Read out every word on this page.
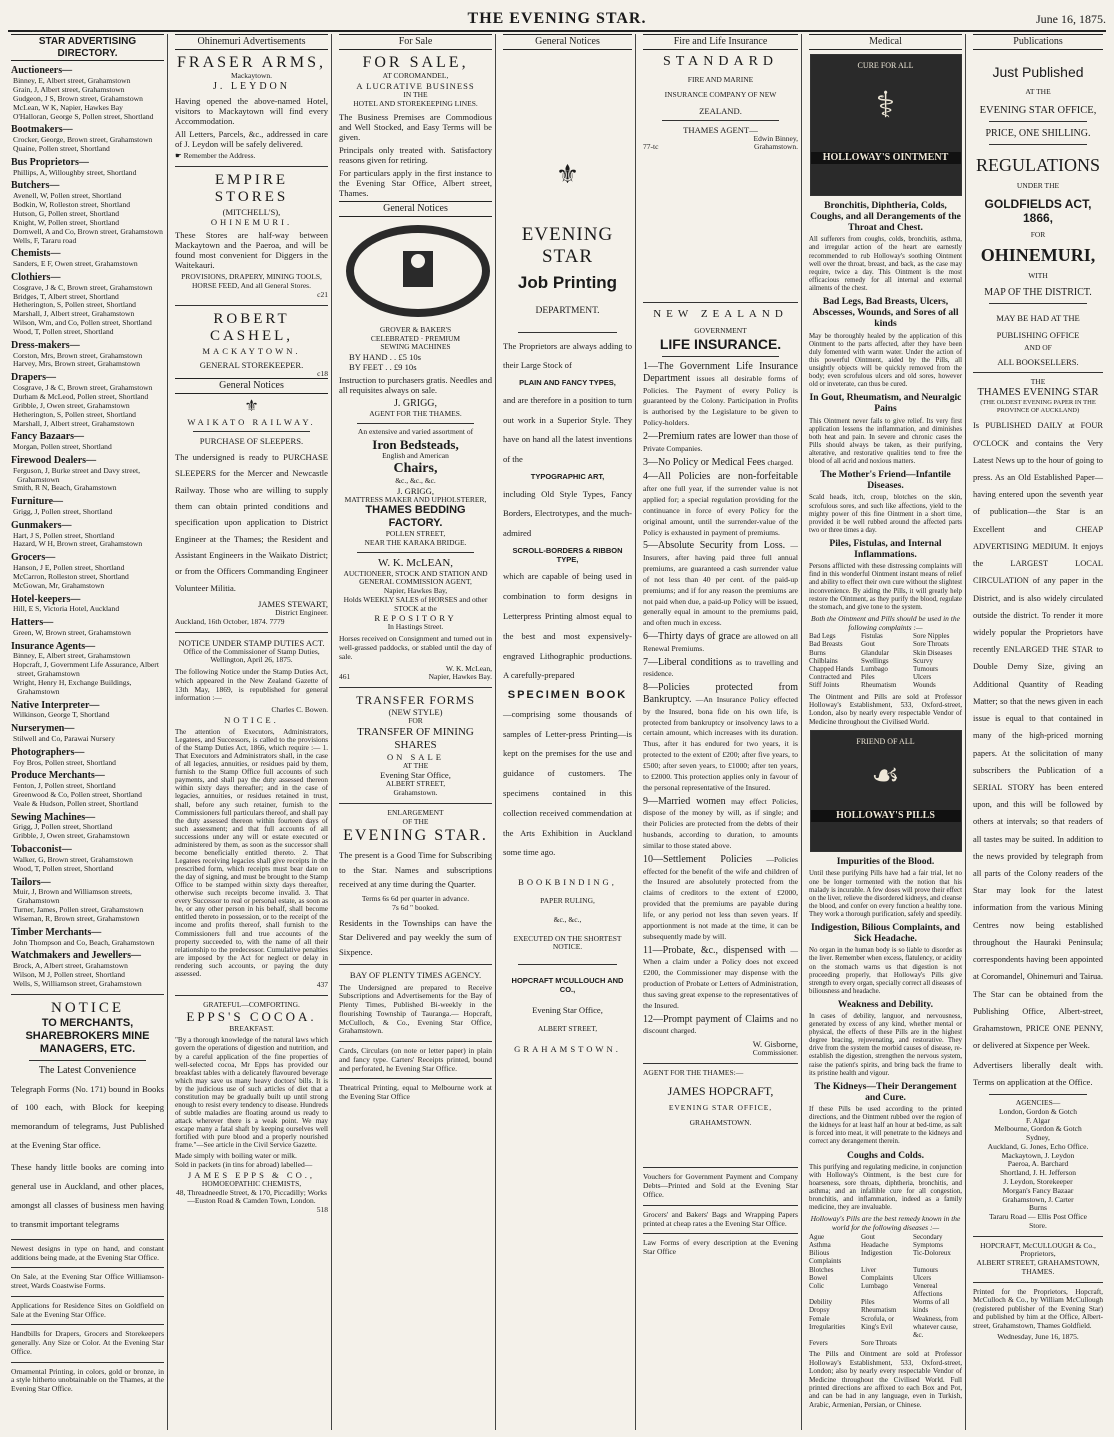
THE EVENING STAR.	June 16, 1875.
STAR ADVERTISING DIRECTORY.
Auctioneers—
Binney, E, Albert street, Grahamstown
Grain, J, Albert street, Grahamstown
Gudgeon, J S, Brown street, Grahamstown
McLean, W K, Napier, Hawkes Bay
O'Halloran, George S, Pollen street, Shortland
Bootmakers—
Crocker, George, Brown street, Grahamstown
Quaine, Pollen street, Shortland
Bus Proprietors—
Phillips, A, Willoughby street, Shortland
Butchers—
Avenell, W, Pollen street, Shortland
Bodkin, W, Rolleston street, Shortland
Hutson, G, Pollen street, Shortland
Knight, W, Pollen street, Shortland
Dornwell, A and Co, Brown street, Grahamstown
Wells, F, Tararu road
Chemists—
Sanders, E F, Owen street, Grahamstown
Clothiers—
Cosgrave, J & C, Brown street, Grahamstown
Bridges, T, Albert street, Shortland
Hetherington, S, Pollen street, Shortland
Marshall, J, Albert street, Grahamstown
Wilson, Wm, and Co, Pollen street, Shortland
Wood, T, Pollen street, Shortland
Dress-makers—
Corston, Mrs, Brown street, Grahamstown
Harvey, Mrs, Brown street, Grahamstown
Drapers—
Cosgrave, J & C, Brown street, Grahamstown
Durham & McLeod, Pollen street, Shortland
Gribble, J, Owen street, Grahamstown
Hetherington, S, Pollen street, Shortland
Marshall, J, Albert street, Grahamstown
Fancy Bazaars—
Morgan, Pollen street, Shortland
Firewood Dealers—
Ferguson, J, Burke street and Davy street, Grahamstown
Smith, R N, Beach, Grahamstown
Furniture—
Grigg, J, Pollen street, Shortland
Gunmakers—
Hart, J S, Pollen street, Shortland
Hazard, W H, Brown street, Grahamstown
Grocers—
Hanson, J E, Pollen street, Shortland
McCarron, Rolleston street, Shortland
McGowan, Mr, Grahamstown
Hotel-keepers—
Hill, E S, Victoria Hotel, Auckland
Hatters—
Green, W, Brown street, Grahamstown
Insurance Agents—
Binney, E, Albert street, Grahamstown
Hopcraft, J, Government Life Assurance, Albert street, Grahamstown
Wright, Henry H, Exchange Buildings, Grahamstown
Native Interpreter—
Wilkinson, George T, Shortland
Nurserymen—
Stilwell and Co, Parawai Nursery
Photographers—
Foy Bros, Pollen street, Shortland
Produce Merchants—
Fenton, J, Pollen street, Shortland
Greenwood & Co, Pollen street, Shortland
Veale & Hudson, Pollen street, Shortland
Sewing Machines—
Grigg, J, Pollen street, Shortland
Gribble, J, Owen street, Grahamstown
Tobacconist—
Walker, G, Brown street, Grahamstown
Wood, T, Pollen street, Shortland
Tailors—
Muir, J, Brown and Williamson streets, Grahamstown
Turner, James, Pollen street, Grahamstown
Wiseman, R, Brown street, Grahamstown
Timber Merchants—
John Thompson and Co, Beach, Grahamstown
Watchmakers and Jewellers—
Brock, A, Albert street, Grahamstown
Wilson, M J, Pollen street, Shortland
Wells, S, Williamson street, Grahamstown
NOTICE
TO MERCHANTS, SHAREBROKERS MINE MANAGERS, ETC.
The Latest Convenience
Telegraph Forms (No. 171) bound in Books of 100 each, with Block for keeping memorandum of telegrams, Just Published at the Evening Star office.
These handy little books are coming into general use in Auckland, and other places, amongst all classes of business men having to transmit important telegrams
Newest designs in type on hand, and constant additions being made, at the Evening Star Office.
On Sale, at the Evening Star Office Williamson-street, Wards Coastwise Forms.
Applications for Residence Sites on Goldfield on Sale at the Evening Star Office.
Handbills for Drapers, Grocers and Storekeepers generally. Any Size or Color. At the Evening Star Office.
Ornamental Printing, in colors, gold or bronze, in a style hitherto unobtainable on the Thames, at the Evening Star Office.
Ohinemuri Advertisements
FRASER ARMS,
Mackaytown.
J. LEYDON
Having opened the above-named Hotel, visitors to Mackaytown will find every Accommodation.
All Letters, Parcels, &c., addressed in care of J. Leydon will be safely delivered.
☛ Remember the Address.
EMPIRE STORES
(MITCHELL'S),
OHINEMURI.
These Stores are half-way between Mackaytown and the Paeroa, and will be found most convenient for Diggers in the Waitekauri.
PROVISIONS, DRAPERY, MINING TOOLS, HORSE FEED, And all General Stores.
c21
ROBERT CASHEL,
MACKAYTOWN.
GENERAL STOREKEEPER.
c18
General Notices
⚜
WAIKATO RAILWAY.
PURCHASE OF SLEEPERS.
The undersigned is ready to PURCHASE SLEEPERS for the Mercer and Newcastle Railway. Those who are willing to supply them can obtain printed conditions and specification upon application to District Engineer at the Thames; the Resident and Assistant Engineers in the Waikato District; or from the Officers Commanding Engineer Volunteer Militia.
JAMES STEWART,
District Engineer.
Auckland, 16th October, 1874. 7779
NOTICE UNDER STAMP DUTIES ACT.
Office of the Commissioner of Stamp Duties, Wellington, April 26, 1875.
The following Notice under the Stamp Duties Act, which appeared in the New Zealand Gazette of 13th May, 1869, is republished for general information :—
Charles C. Bowen.
NOTICE.
The attention of Executors, Administrators, Legatees, and Successors, is called to the provisions of the Stamp Duties Act, 1866, which require :— 1. That Executors and Administrators shall, in the case of all legacies, annuities, or residues paid by them, furnish to the Stamp Office full accounts of such payments, and shall pay the duty assessed thereon within sixty days thereafter; and in the case of legacies, annuities, or residues retained in trust, shall, before any such retainer, furnish to the Commissioners full particulars thereof, and shall pay the duty assessed thereon within fourteen days of such assessment; and that full accounts of all successions under any will or estate executed or administered by them, as soon as the successor shall become beneficially entitled thereto. 2. That Legatees receiving legacies shall give receipts in the prescribed form, which receipts must bear date on the day of signing, and must be brought to the Stamp Office to be stamped within sixty days thereafter, otherwise such receipts become invalid. 3. That every Successor to real or personal estate, as soon as he, or any other person in his behalf, shall become entitled thereto in possession, or to the receipt of the income and profits thereof, shall furnish to the Commissioners full and true accounts of the property succeeded to, with the name of all their relationship to the predecessor. Cumulative penalties are imposed by the Act for neglect or delay in rendering such accounts, or paying the duty assessed.
437
GRATEFUL—COMFORTING.
EPPS'S COCOA.
BREAKFAST.
"By a thorough knowledge of the natural laws which govern the operations of digestion and nutrition, and by a careful application of the fine properties of well-selected cocoa, Mr Epps has provided our breakfast tables with a delicately flavoured beverage which may save us many heavy doctors' bills. It is by the judicious use of such articles of diet that a constitution may be gradually built up until strong enough to resist every tendency to disease. Hundreds of subtle maladies are floating around us ready to attack wherever there is a weak point. We may escape many a fatal shaft by keeping ourselves well fortified with pure blood and a properly nourished frame."—See article in the Civil Service Gazette.
Made simply with boiling water or milk.
Sold in packets (in tins for abroad) labelled—
JAMES EPPS & CO.,
HOMOEOPATHIC CHEMISTS,
48, Threadneedle Street, & 170, Piccadilly; Works—Euston Road & Camden Town, London.
518
For Sale
FOR SALE,
AT COROMANDEL,
A LUCRATIVE BUSINESS
IN THE
HOTEL AND STOREKEEPING LINES.
The Business Premises are Commodious and Well Stocked, and Easy Terms will be given.
Principals only treated with. Satisfactory reasons given for retiring.
For particulars apply in the first instance to the Evening Star Office, Albert street, Thames.
General Notices
GROVER & BAKER'S
CELEBRATED · PREMIUM
SEWING MACHINES
BY HAND . . £5 10s
BY FEET . . £9 10s
Instruction to purchasers gratis. Needles and all requisites always on sale.
J. GRIGG,
AGENT FOR THE THAMES.
An extensive and varied assortment of
Iron Bedsteads,
English and American
Chairs,
&c., &c., &c.
J. GRIGG,
MATTRESS MAKER AND UPHOLSTERER,
THAMES BEDDING FACTORY.
POLLEN STREET,
NEAR THE KARAKA BRIDGE.
W. K. McLEAN,
AUCTIONEER, STOCK AND STATION AND
GENERAL COMMISSION AGENT,
Napier, Hawkes Bay,
Holds WEEKLY SALES of HORSES and other STOCK at the
REPOSITORY
In Hastings Street.
Horses received on Consignment and turned out in well-grassed paddocks, or stabled until the day of sale.
W. K. McLean,
461	Napier, Hawkes Bay.
TRANSFER FORMS
(NEW STYLE)
FOR
TRANSFER OF MINING
SHARES
ON SALE
AT THE
Evening Star Office,
ALBERT STREET,
Grahamstown.
ENLARGEMENT
OF THE
EVENING STAR.
The present is a Good Time for Subscribing to the Star. Names and subscriptions received at any time during the Quarter.
Terms 6s 6d per quarter in advance.
7s 6d " booked.
Residents in the Townships can have the Star Delivered and pay weekly the sum of Sixpence.
BAY OF PLENTY TIMES AGENCY.
The Undersigned are prepared to Receive Subscriptions and Advertisements for the Bay of Plenty Times, Published Bi-weekly in the flourishing Township of Tauranga.— Hopcraft, McCulloch, & Co., Evening Star Office, Grahamstown.
Cards, Circulars (on note or letter paper) in plain and fancy type. Carters' Receipts printed, bound and perforated, he Evening Star Office.
Theatrical Printing, equal to Melbourne work at the Evening Star Office
General Notices
⚜
EVENING STAR
Job Printing
DEPARTMENT.
The Proprietors are always adding to their Large Stock of
PLAIN AND FANCY TYPES,
and are therefore in a position to turn out work in a Superior Style. They have on hand all the latest inventions of the
TYPOGRAPHIC ART,
including Old Style Types, Fancy Borders, Electrotypes, and the much-admired
SCROLL-BORDERS & RIBBON TYPE,
which are capable of being used in combination to form designs in Letterpress Printing almost equal to the best and most expensively-engraved Lithographic productions. A carefully-prepared
SPECIMEN BOOK
—comprising some thousands of samples of Letter-press Printing—is kept on the premises for the use and guidance of customers. The specimens contained in this collection received commendation at the Arts Exhibition in Auckland some time ago.
BOOKBINDING,
PAPER RULING,
&c., &c.,
EXECUTED ON THE SHORTEST NOTICE.
HOPCRAFT M'CULLOUCH AND CO.,
Evening Star Office,
ALBERT STREET,
GRAHAMSTOWN.
Fire and Life Insurance
STANDARD
FIRE AND MARINE
INSURANCE COMPANY OF NEW
ZEALAND.
THAMES AGENT—
Edwin Binney,
77-tc	Grahamstown.
NEW ZEALAND
GOVERNMENT
LIFE INSURANCE.
1—The Government Life Insurance Department issues all desirable forms of Policies. The Payment of every Policy is guaranteed by the Colony. Participation in Profits is authorised by the Legislature to be given to Policy-holders.
2—Premium rates are lower than those of Private Companies.
3—No Policy or Medical Fees charged.
4—All Policies are non-forfeitable after one full year, if the surrender value is not applied for; a special regulation providing for the continuance in force of every Policy for the original amount, until the surrender-value of the Policy is exhausted in payment of premiums.
5—Absolute Security from Loss. —Insurers, after having paid three full annual premiums, are guaranteed a cash surrender value of not less than 40 per cent. of the paid-up premiums; and if for any reason the premiums are not paid when due, a paid-up Policy will be issued, generally equal in amount to the premiums paid, and often much in excess.
6—Thirty days of grace are allowed on all Renewal Premiums.
7—Liberal conditions as to travelling and residence.
8—Policies protected from Bankruptcy. —An Insurance Policy effected by the Insured, bona fide on his own life, is protected from bankruptcy or insolvency laws to a certain amount, which increases with its duration. Thus, after it has endured for two years, it is protected to the extent of £200; after five years, to £500; after seven years, to £1000; after ten years, to £2000. This protection applies only in favour of the personal representative of the Insured.
9—Married women may effect Policies, dispose of the money by will, as if single; and their Policies are protected from the debts of their husbands, according to duration, to amounts similar to those stated above.
10—Settlement Policies —Policies effected for the benefit of the wife and children of the Insured are absolutely protected from the claims of creditors to the extent of £2000, provided that the premiums are payable during life, or any period not less than seven years. If apportionment is not made at the time, it can be subsequently made by will.
11—Probate, &c., dispensed with —When a claim under a Policy does not exceed £200, the Commissioner may dispense with the production of Probate or Letters of Administration, thus saving great expense to the representatives of the Insured.
12—Prompt payment of Claims and no discount charged.
W. Gisborne,
Commissioner.
AGENT FOR THE THAMES:—
JAMES HOPCRAFT,
EVENING STAR OFFICE,
GRAHAMSTOWN.
Vouchers for Government Payment and Company Debts—Printed and Sold at the Evening Star Office.
Grocers' and Bakers' Bags and Wrapping Papers printed at cheap rates a the Evening Star Office.
Law Forms of every description at the Evening Star Office
Medical
CURE FOR ALL
⚕
HOLLOWAY'S OINTMENT
Bronchitis, Diphtheria, Colds, Coughs, and all Derangements of the Throat and Chest.
All sufferers from coughs, colds, bronchitis, asthma, and irregular action of the heart are earnestly recommended to rub Holloway's soothing Ointment well over the throat, breast, and back, as the case may require, twice a day. This Ointment is the most efficacious remedy for all internal and external ailments of the chest.
Bad Legs, Bad Breasts, Ulcers, Abscesses, Wounds, and Sores of all kinds
May be thoroughly healed by the application of this Ointment to the parts affected, after they have been duly fomented with warm water. Under the action of this powerful Ointment, aided by the Pills, all unsightly objects will be quickly removed from the body; even scrofulous ulcers and old sores, however old or inveterate, can thus be cured.
In Gout, Rheumatism, and Neuralgic Pains
This Ointment never fails to give relief. Its very first application lessens the inflammation, and diminishes both heat and pain. In severe and chronic cases the Pills should always be taken, as their purifying, alterative, and restorative qualities tend to free the blood of all acrid and noxious matters.
The Mother's Friend—Infantile Diseases.
Scald heads, itch, croup, blotches on the skin, scrofulous sores, and such like affections, yield to the mighty power of this fine Ointment in a short time, provided it be well rubbed around the affected parts two or three times a day.
Piles, Fistulas, and Internal Inflammations.
Persons afflicted with these distressing complaints will find in this wonderful Ointment instant means of relief and ability to effect their own cure without the slightest inconvenience. By aiding the Pills, it will greatly help restore the Ointment, as they purify the blood, regulate the stomach, and give tone to the system.
Both the Ointment and Pills should be used in the following complaints :—
Bad Legs	Fistulas	Sore Nipples
Bad Breasts	Gout	Sore Throats
Burns	Glandular	Skin Diseases
Chilblains	Swellings	Scurvy
Chapped Hands	Lumbago	Tumours
Contracted and	Piles	Ulcers
Stiff Joints	Rheumatism	Wounds
The Ointment and Pills are sold at Professor Holloway's Establishment, 533, Oxford-street, London, also by nearly every respectable Vendor of Medicine throughout the Civilised World.
FRIEND OF ALL
☙
HOLLOWAY'S PILLS
Impurities of the Blood.
Until these purifying Pills have had a fair trial, let no one be longer tormented with the notion that his malady is incurable. A few doses will prove their effect on the liver, relieve the disordered kidneys, and cleanse the blood, and confer on every function a healthy tone. They work a thorough purification, safely and speedily.
Indigestion, Bilious Complaints, and Sick Headache.
No organ in the human body is so liable to disorder as the liver. Remember when excess, flatulency, or acidity on the stomach warns us that digestion is not proceeding properly, that Holloway's Pills give strength to every organ, specially correct all diseases of biliousness and headache.
Weakness and Debility.
In cases of debility, languor, and nervousness, generated by excess of any kind, whether mental or physical, the effects of these Pills are in the highest degree bracing, rejuvenating, and restorative. They drive from the system the morbid causes of disease, re-establish the digestion, strengthen the nervous system, raise the patient's spirits, and bring back the frame to its pristine health and vigour.
The Kidneys—Their Derangement and Cure.
If these Pills be used according to the printed directions, and the Ointment rubbed over the region of the kidneys for at least half an hour at bed-time, as salt is forced into meat, it will penetrate to the kidneys and correct any derangement therein.
Coughs and Colds.
This purifying and regulating medicine, in conjunction with Holloway's Ointment, is the best cure for hoarseness, sore throats, diphtheria, bronchitis, and asthma; and an infallible cure for all congestion, bronchitis, and inflammation, indeed as a family medicine, they are invaluable.
Holloway's Pills are the best remedy known in the world for the following diseases :—
Ague	Gout	Secondary
Asthma	Headache	Symptoms
Bilious Complaints
Indigestion	Tic-Doloreux
Blotches	Liver	Tumours
Bowel	Complaints	Ulcers
Colic	Lumbago	Venereal Affections
Debility	Piles	Worms of all
Dropsy	Rheumatism	kinds
Female Irregularities
Scrofula, or King's Evil
Weakness, from whatever cause, &c.
Fevers	Sore Throats
The Pills and Ointment are sold at Professor Holloway's Establishment, 533, Oxford-street, London; also by nearly every respectable Vendor of Medicine throughout the Civilised World. Full printed directions are affixed to each Box and Pot, and can be had in any language, even in Turkish, Arabic, Armenian, Persian, or Chinese.
Publications
Just Published
AT THE
EVENING STAR OFFICE,
PRICE, ONE SHILLING.
REGULATIONS
UNDER THE
GOLDFIELDS ACT, 1866,
FOR
OHINEMURI,
WITH
MAP OF THE DISTRICT.
MAY BE HAD AT THE PUBLISHING OFFICE
AND OF
ALL BOOKSELLERS.
THE
THAMES EVENING STAR
(THE OLDEST EVENING PAPER IN THE PROVINCE OF AUCKLAND)
Is PUBLISHED DAILY at FOUR O'CLOCK and contains the Very Latest News up to the hour of going to press. As an Old Established Paper—having entered upon the seventh year of publication—the Star is an Excellent and CHEAP ADVERTISING MEDIUM. It enjoys the LARGEST LOCAL CIRCULATION of any paper in the District, and is also widely circulated outside the district. To render it more widely popular the Proprietors have recently ENLARGED THE STAR to Double Demy Size, giving an Additional Quantity of Reading Matter; so that the news given in each issue is equal to that contained in many of the high-priced morning papers. At the solicitation of many subscribers the Publication of a SERIAL STORY has been entered upon, and this will be followed by others at intervals; so that readers of all tastes may be suited. In addition to the news provided by telegraph from all parts of the Colony readers of the Star may look for the latest information from the various Mining Centres now being established throughout the Hauraki Peninsula; correspondents having been appointed at Coromandel, Ohinemuri and Tairua. The Star can be obtained from the Publishing Office, Albert-street, Grahamstown, PRICE ONE PENNY, or delivered at Sixpence per Week.
Advertisers liberally dealt with. Terms on application at the Office.
AGENCIES—
London, Gordon & Gotch
F. Algar
Melbourne, Gordon & Gotch
Sydney,
Auckland, G. Jones, Echo Office.
Mackaytown, J. Leydon
Paeroa, A. Barchard
Shortland, J. H. Jefferson
J. Leydon, Storekeeper
Morgan's Fancy Bazaar
Grahamstown, J. Carter
Burns
Tararu Road — Ellis Post Office
Store.
HOPCRAFT, McCULLOUGH & Co.,
Proprietors,
ALBERT STREET, GRAHAMSTOWN,
THAMES.
Printed for the Proprietors, Hopcraft, McCulloch & Co., by William McCullough (registered publisher of the Evening Star) and published by him at the Office, Albert-street, Grahamstown, Thames Goldfield.
Wednesday, June 16, 1875.
